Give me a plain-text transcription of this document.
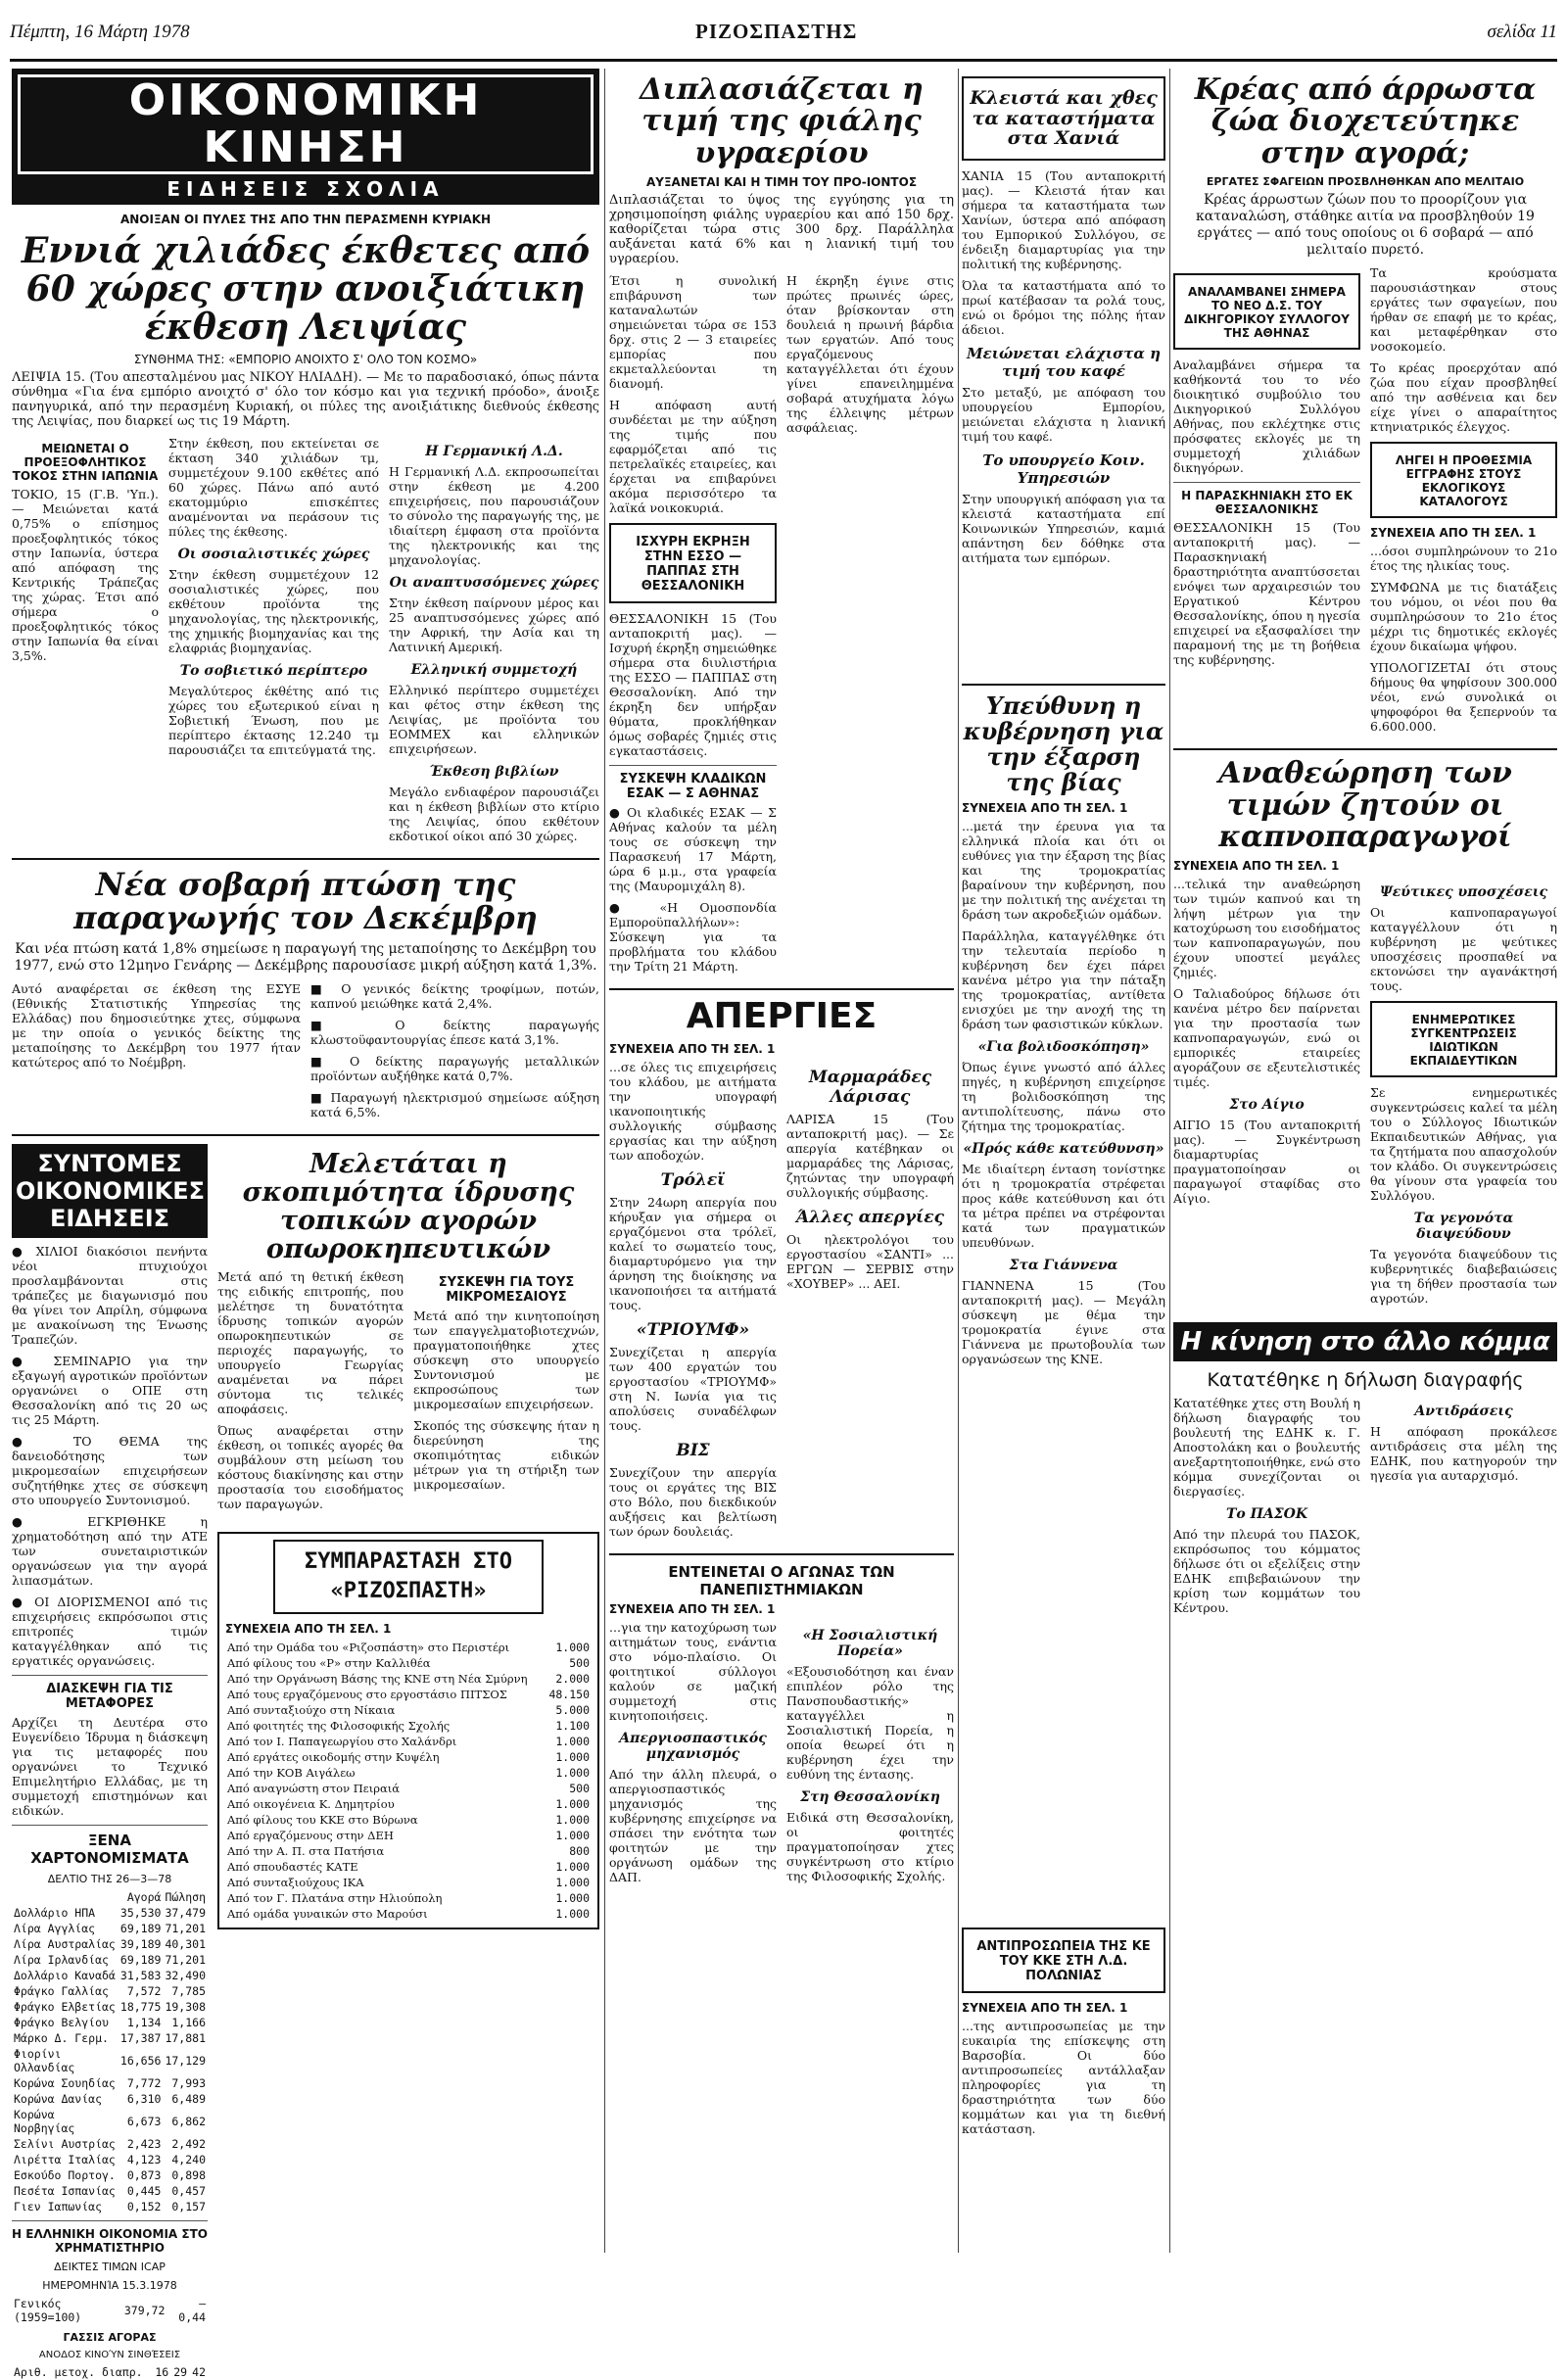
Πέμπτη, 16 Μάρτη 1978	ΡΙΖΟΣΠΑΣΤΗΣ	σελίδα 11
ΟΙΚΟΝΟΜΙΚΗ ΚΙΝΗΣΗ
ΕΙΔΗΣΕΙΣ ΣΧΟΛΙΑ
ΑΝΟΙΞΑΝ ΟΙ ΠΥΛΕΣ ΤΗΣ ΑΠΟ ΤΗΝ ΠΕΡΑΣΜΕΝΗ ΚΥΡΙΑΚΗ
Εννιά χιλιάδες έκθετες από 60 χώρες στην ανοιξιάτικη έκθεση Λειψίας
ΣΥΝΘΗΜΑ ΤΗΣ: «ΕΜΠΟΡΙΟ ΑΝΟΙΧΤΟ Σ' ΟΛΟ ΤΟΝ ΚΟΣΜΟ»

ΛΕΙΨΙΑ 15. (Του απεσταλμένου μας ΝΙΚΟΥ ΗΛΙΑΔΗ). — Με το παραδοσιακό, όπως πάντα σύνθημα «Για ένα εμπόριο ανοιχτό σ' όλο τον κόσμο και για τεχνική πρόοδο», άνοιξε πανηγυρικά, από την περασμένη Κυριακή, οι πύλες της ανοιξιάτικης διεθνούς έκθεσης της Λειψίας, που διαρκεί ως τις 19 Μάρτη.

ΜΕΙΩΝΕΤΑΙ Ο ΠΡΟΕΞΟΦΛΗΤΙΚΟΣ ΤΟΚΟΣ ΣΤΗΝ ΙΑΠΩΝΙΑ

ΤΟΚΙΟ, 15 (Γ.Β. 'Υπ.). — Μειώνεται κατά 0,75% ο επίσημος προεξοφλητικός τόκος στην Ιαπωνία, ύστερα από απόφαση της Κεντρικής Τράπεζας της χώρας. Έτσι από σήμερα ο προεξοφλητικός τόκος στην Ιαπωνία θα είναι 3,5%.

Στην έκθεση, που εκτείνεται σε έκταση 340 χιλιάδων τμ, συμμετέχουν 9.100 εκθέτες από 60 χώρες. Πάνω από αυτό εκατομμύριο επισκέπτες αναμένονται να περάσουν τις πύλες της έκθεσης.

Οι σοσιαλιστικές χώρες

Στην έκθεση συμμετέχουν 12 σοσιαλιστικές χώρες, που εκθέτουν προϊόντα της μηχανολογίας, της ηλεκτρονικής, της χημικής βιομηχανίας και της ελαφριάς βιομηχανίας.

Το σοβιετικό περίπτερο

Μεγαλύτερος έκθέτης από τις χώρες του εξωτερικού είναι η Σοβιετική Ένωση, που με περίπτερο έκτασης 12.240 τμ παρουσιάζει τα επιτεύγματά της.

Η Γερμανική Λ.Δ.

Η Γερμανική Λ.Δ. εκπροσωπείται στην έκθεση με 4.200 επιχειρήσεις, που παρουσιάζουν το σύνολο της παραγωγής της, με ιδιαίτερη έμφαση στα προϊόντα της ηλεκτρονικής και της μηχανολογίας.

Οι αναπτυσσόμενες χώρες

Στην έκθεση παίρνουν μέρος και 25 αναπτυσσόμενες χώρες από την Αφρική, την Ασία και τη Λατινική Αμερική.

Ελληνική συμμετοχή

Ελληνικό περίπτερο συμμετέχει και φέτος στην έκθεση της Λειψίας, με προϊόντα του ΕΟΜΜΕΧ και ελληνικών επιχειρήσεων.

Έκθεση βιβλίων

Μεγάλο ενδιαφέρον παρουσιάζει και η έκθεση βιβλίων στο κτίριο της Λειψίας, όπου εκθέτουν εκδοτικοί οίκοι από 30 χώρες.

Νέα σοβαρή πτώση της παραγωγής τον Δεκέμβρη

Και νέα πτώση κατά 1,8% σημείωσε η παραγωγή της μεταποίησης το Δεκέμβρη του 1977, ενώ στο 12μηνο Γενάρης — Δεκέμβρης παρουσίασε μικρή αύξηση κατά 1,3%.

Αυτό αναφέρεται σε έκθεση της ΕΣΥΕ (Εθνικής Στατιστικής Υπηρεσίας της Ελλάδας) που δημοσιεύτηκε χτες, σύμφωνα με την οποία ο γενικός δείκτης της μεταποίησης το Δεκέμβρη του 1977 ήταν κατώτερος από το Νοέμβρη.

■ Ο γενικός δείκτης τροφίμων, ποτών, καπνού μειώθηκε κατά 2,4%.

■ Ο δείκτης παραγωγής κλωστοϋφαντουργίας έπεσε κατά 3,1%.

■ Ο δείκτης παραγωγής μεταλλικών προϊόντων αυξήθηκε κατά 0,7%.

■ Παραγωγή ηλεκτρισμού σημείωσε αύξηση κατά 6,5%.

ΣΥΝΤΟΜΕΣ ΟΙΚΟΝΟΜΙΚΕΣ ΕΙΔΗΣΕΙΣ

● ΧΙΛΙΟΙ διακόσιοι πενήντα νέοι πτυχιούχοι προσλαμβάνονται στις τράπεζες με διαγωνισμό που θα γίνει τον Απρίλη, σύμφωνα με ανακοίνωση της Ένωσης Τραπεζών.

● ΣΕΜΙΝΑΡΙΟ για την εξαγωγή αγροτικών προϊόντων οργανώνει ο ΟΠΕ στη Θεσσαλονίκη από τις 20 ως τις 25 Μάρτη.

● ΤΟ ΘΕΜΑ της δανειοδότησης των μικρομεσαίων επιχειρήσεων συζητήθηκε χτες σε σύσκεψη στο υπουργείο Συντονισμού.

● ΕΓΚΡΙΘΗΚΕ η χρηματοδότηση από την ΑΤΕ των συνεταιριστικών οργανώσεων για την αγορά λιπασμάτων.

● ΟΙ ΔΙΟΡΙΣΜΕΝΟΙ από τις επιχειρήσεις εκπρόσωποι στις επιτροπές τιμών καταγγέλθηκαν από τις εργατικές οργανώσεις.

ΔΙΑΣΚΕΨΗ ΓΙΑ ΤΙΣ ΜΕΤΑΦΟΡΕΣ

Αρχίζει τη Δευτέρα στο Ευγενίδειο Ίδρυμα η διάσκεψη για τις μεταφορές που οργανώνει το Τεχνικό Επιμελητήριο Ελλάδας, με τη συμμετοχή επιστημόνων και ειδικών.

ΞΕΝΑ ΧΑΡΤΟΝΟΜΙΣΜΑΤΑ
ΔΕΛΤΙΟ ΤΗΣ 26—3—78
	Αγορά	Πώληση
Δολλάριο ΗΠΑ	35,530	37,479
Λίρα Αγγλίας	69,189	71,201
Λίρα Αυστραλίας	39,189	40,301
Λίρα Ιρλανδίας	69,189	71,201
Δολλάριο Καναδά	31,583	32,490
Φράγκο Γαλλίας	7,572	7,785
Φράγκο Ελβετίας	18,775	19,308
Φράγκο Βελγίου	1,134	1,166
Μάρκο Δ. Γερμ.	17,387	17,881
Φιορίνι Ολλανδίας	16,656	17,129
Κορώνα Σουηδίας	7,772	7,993
Κορώνα Δανίας	6,310	6,489
Κορώνα Νορβηγίας	6,673	6,862
Σελίνι Αυστρίας	2,423	2,492
Λιρέττα Ιταλίας	4,123	4,240
Εσκούδο Πορτογ.	0,873	0,898
Πεσέτα Ισπανίας	0,445	0,457
Γιεν Ιαπωνίας	0,152	0,157
Η ΕΛΛΗΝΙΚΗ ΟΙΚΟΝΟΜΙΑ ΣΤΟ ΧΡΗΜΑΤΙΣΤΗΡΙΟ
ΔΕΙΚΤΕΣ ΤΙΜΩΝ ICAP
ΗΜΕΡΟΜΗΝΊΑ 15.3.1978
Γενικός (1959=100)	379,72	— 0,44
ΓΑΣΣΙΣ ΑΓΟΡΑΣ
ΑΝΟΔΟΣ ΚΙΝΟΎΝ ΣΙΝΘΈΣΕΙΣ
Αριθ. μετοχ. διαπρ.	16	29	42
Μελετάται η σκοπιμότητα ίδρυσης τοπικών αγορών οπωροκηπευτικών

Μετά από τη θετική έκθεση της ειδικής επιτροπής, που μελέτησε τη δυνατότητα ίδρυσης τοπικών αγορών οπωροκηπευτικών σε περιοχές παραγωγής, το υπουργείο Γεωργίας αναμένεται να πάρει σύντομα τις τελικές αποφάσεις.

Όπως αναφέρεται στην έκθεση, οι τοπικές αγορές θα συμβάλουν στη μείωση του κόστους διακίνησης και στην προστασία του εισοδήματος των παραγωγών.

ΣΥΣΚΕΨΗ ΓΙΑ ΤΟΥΣ ΜΙΚΡΟΜΕΣΑΙΟΥΣ

Μετά από την κινητοποίηση των επαγγελματοβιοτεχνών, πραγματοποιήθηκε χτες σύσκεψη στο υπουργείο Συντονισμού με εκπροσώπους των μικρομεσαίων επιχειρήσεων.

Σκοπός της σύσκεψης ήταν η διερεύνηση της σκοπιμότητας ειδικών μέτρων για τη στήριξη των μικρομεσαίων.

ΣΥΜΠΑΡΑΣΤΑΣΗ ΣΤΟ «ΡΙΖΟΣΠΑΣΤΗ»
ΣΥΝΕΧΕΙΑ ΑΠΟ ΤΗ ΣΕΛ. 1
Από την Ομάδα του «Ριζοσπάστη» στο Περιστέρι	1.000
Από φίλους του «Ρ» στην Καλλιθέα	500
Από την Οργάνωση Βάσης της ΚΝΕ στη Νέα Σμύρνη	2.000
Από τους εργαζόμενους στο εργοστάσιο ΠΙΤΣΟΣ	48.150
Από συνταξιούχο στη Νίκαια	5.000
Από φοιτητές της Φιλοσοφικής Σχολής	1.100
Από τον Ι. Παπαγεωργίου στο Χαλάνδρι	1.000
Από εργάτες οικοδομής στην Κυψέλη	1.000
Από την ΚΟΒ Αιγάλεω	1.000
Από αναγνώστη στον Πειραιά	500
Από οικογένεια Κ. Δημητρίου	1.000
Από φίλους του ΚΚΕ στο Βύρωνα	1.000
Από εργαζόμενους στην ΔΕΗ	1.000
Από την Α. Π. στα Πατήσια	800
Από σπουδαστές ΚΑΤΕ	1.000
Από συνταξιούχους ΙΚΑ	1.000
Από τον Γ. Πλατάνα στην Ηλιούπολη	1.000
Από ομάδα γυναικών στο Μαρούσι	1.000
Διπλασιάζεται η τιμή της φιάλης υγραερίου
ΑΥΞΑΝΕΤΑΙ ΚΑΙ Η ΤΙΜΗ ΤΟΥ ΠΡΟ-ΙΟΝΤΟΣ

Διπλασιάζεται το ύψος της εγγύησης για τη χρησιμοποίηση φιάλης υγραερίου και από 150 δρχ. καθορίζεται τώρα στις 300 δρχ. Παράλληλα αυξάνεται κατά 6% και η λιανική τιμή του υγραερίου.

Έτσι η συνολική επιβάρυνση των καταναλωτών σημειώνεται τώρα σε 153 δρχ. στις 2 — 3 εταιρείες εμπορίας που εκμεταλλεύονται τη διανομή.

Η απόφαση αυτή συνδέεται με την αύξηση της τιμής που εφαρμόζεται από τις πετρελαϊκές εταιρείες, και έρχεται να επιβαρύνει ακόμα περισσότερο τα λαϊκά νοικοκυριά.

ΙΣΧΥΡΗ ΕΚΡΗΞΗ ΣΤΗΝ ΕΣΣΟ — ΠΑΠΠΑΣ ΣΤΗ ΘΕΣΣΑΛΟΝΙΚΗ

ΘΕΣΣΑΛΟΝΙΚΗ 15 (Του ανταποκριτή μας). — Ισχυρή έκρηξη σημειώθηκε σήμερα στα διυλιστήρια της ΕΣΣΟ — ΠΑΠΠΑΣ στη Θεσσαλονίκη. Από την έκρηξη δεν υπήρξαν θύματα, προκλήθηκαν όμως σοβαρές ζημιές στις εγκαταστάσεις.

ΣΥΣΚΕΨΗ ΚΛΑΔΙΚΩΝ ΕΣΑΚ — Σ ΑΘΗΝΑΣ

● Οι κλαδικές ΕΣΑΚ — Σ Αθήνας καλούν τα μέλη τους σε σύσκεψη την Παρασκευή 17 Μάρτη, ώρα 6 μ.μ., στα γραφεία της (Μαυρομιχάλη 8).

● «Η Ομοσπονδία Εμποροϋπαλλήλων»: Σύσκεψη για τα προβλήματα του κλάδου την Τρίτη 21 Μάρτη.

Η έκρηξη έγινε στις πρώτες πρωινές ώρες, όταν βρίσκονταν στη δουλειά η πρωινή βάρδια των εργατών. Από τους εργαζόμενους καταγγέλλεται ότι έχουν γίνει επανειλημμένα σοβαρά ατυχήματα λόγω της έλλειψης μέτρων ασφάλειας.

ΑΠΕΡΓΙΕΣ
ΣΥΝΕΧΕΙΑ ΑΠΟ ΤΗ ΣΕΛ. 1

...σε όλες τις επιχειρήσεις του κλάδου, με αιτήματα την υπογραφή ικανοποιητικής συλλογικής σύμβασης εργασίας και την αύξηση των αποδοχών.

Τρόλεϊ

Στην 24ωρη απεργία που κήρυξαν για σήμερα οι εργαζόμενοι στα τρόλεϊ, καλεί το σωματείο τους, διαμαρτυρόμενο για την άρνηση της διοίκησης να ικανοποιήσει τα αιτήματά τους.

«ΤΡΙΟΥΜΦ»

Συνεχίζεται η απεργία των 400 εργατών του εργοστασίου «ΤΡΙΟΥΜΦ» στη Ν. Ιωνία για τις απολύσεις συναδέλφων τους.

ΒΙΣ

Συνεχίζουν την απεργία τους οι εργάτες της ΒΙΣ στο Βόλο, που διεκδικούν αυξήσεις και βελτίωση των όρων δουλειάς.

Μαρμαράδες Λάρισας

ΛΑΡΙΣΑ 15 (Του ανταποκριτή μας). — Σε απεργία κατέβηκαν οι μαρμαράδες της Λάρισας, ζητώντας την υπογραφή συλλογικής σύμβασης.

Άλλες απεργίες

Οι ηλεκτρολόγοι του εργοστασίου «ΣΑΝΤΙ» ... ΕΡΓΩΝ — ΣΕΡΒΙΣ στην «ΧΟΥΒΕΡ» ... ΑΕΙ.

ΕΝΤΕΙΝΕΤΑΙ Ο ΑΓΩΝΑΣ ΤΩΝ ΠΑΝΕΠΙΣΤΗΜΙΑΚΩΝ
ΣΥΝΕΧΕΙΑ ΑΠΟ ΤΗ ΣΕΛ. 1

...για την κατοχύρωση των αιτημάτων τους, ενάντια στο νόμο-πλαίσιο. Οι φοιτητικοί σύλλογοι καλούν σε μαζική συμμετοχή στις κινητοποιήσεις.

Απεργιοσπαστικός μηχανισμός

Από την άλλη πλευρά, ο απεργιοσπαστικός μηχανισμός της κυβέρνησης επιχείρησε να σπάσει την ενότητα των φοιτητών με την οργάνωση ομάδων της ΔΑΠ.

«Η Σοσιαλιστική Πορεία»

«Εξουσιοδότηση και έναν επιπλέον ρόλο της Πανσπουδαστικής» καταγγέλλει η Σοσιαλιστική Πορεία, η οποία θεωρεί ότι η κυβέρνηση έχει την ευθύνη της έντασης.

Στη Θεσσαλονίκη

Ειδικά στη Θεσσαλονίκη, οι φοιτητές πραγματοποίησαν χτες συγκέντρωση στο κτίριο της Φιλοσοφικής Σχολής.

Κλειστά και χθες τα καταστήματα στα Χανιά

ΧΑΝΙΑ 15 (Του ανταποκριτή μας). — Κλειστά ήταν και σήμερα τα καταστήματα των Χανίων, ύστερα από απόφαση του Εμπορικού Συλλόγου, σε ένδειξη διαμαρτυρίας για την πολιτική της κυβέρνησης.

Όλα τα καταστήματα από το πρωί κατέβασαν τα ρολά τους, ενώ οι δρόμοι της πόλης ήταν άδειοι.

Μειώνεται ελάχιστα η τιμή του καφέ

Στο μεταξύ, με απόφαση του υπουργείου Εμπορίου, μειώνεται ελάχιστα η λιανική τιμή του καφέ.

Το υπουργείο Κοιν. Υπηρεσιών

Στην υπουργική απόφαση για τα κλειστά καταστήματα επί Κοινωνικών Υπηρεσιών, καμιά απάντηση δεν δόθηκε στα αιτήματα των εμπόρων.

Υπεύθυνη η κυβέρνηση για την έξαρση της βίας
ΣΥΝΕΧΕΙΑ ΑΠΟ ΤΗ ΣΕΛ. 1

...μετά την έρευνα για τα ελληνικά πλοία και ότι οι ευθύνες για την έξαρση της βίας και της τρομοκρατίας βαραίνουν την κυβέρνηση, που με την πολιτική της ανέχεται τη δράση των ακροδεξιών ομάδων.

Παράλληλα, καταγγέλθηκε ότι την τελευταία περίοδο η κυβέρνηση δεν έχει πάρει κανένα μέτρο για την πάταξη της τρομοκρατίας, αντίθετα ενισχύει με την ανοχή της τη δράση των φασιστικών κύκλων.

«Για βολιδοσκόπηση»

Όπως έγινε γνωστό από άλλες πηγές, η κυβέρνηση επιχείρησε τη βολιδοσκόπηση της αντιπολίτευσης, πάνω στο ζήτημα της τρομοκρατίας.

«Πρός κάθε κατεύθυνση»

Με ιδιαίτερη ένταση τονίστηκε ότι η τρομοκρατία στρέφεται προς κάθε κατεύθυνση και ότι τα μέτρα πρέπει να στρέφονται κατά των πραγματικών υπευθύνων.

Στα Γιάννενα

ΓΙΑΝΝΕΝΑ 15 (Του ανταποκριτή μας). — Μεγάλη σύσκεψη με θέμα την τρομοκρατία έγινε στα Γιάννενα με πρωτοβουλία των οργανώσεων της ΚΝΕ.

ΑΝΤΙΠΡΟΣΩΠΕΙΑ ΤΗΣ ΚΕ ΤΟΥ ΚΚΕ ΣΤΗ Λ.Δ. ΠΟΛΩΝΙΑΣ
ΣΥΝΕΧΕΙΑ ΑΠΟ ΤΗ ΣΕΛ. 1

...της αντιπροσωπείας με την ευκαιρία της επίσκεψης στη Βαρσοβία. Οι δύο αντιπροσωπείες αντάλλαξαν πληροφορίες για τη δραστηριότητα των δύο κομμάτων και για τη διεθνή κατάσταση.

Κρέας από άρρωστα ζώα διοχετεύτηκε στην αγορά;
ΕΡΓΑΤΕΣ ΣΦΑΓΕΙΩΝ ΠΡΟΣΒΛΗΘΗΚΑΝ ΑΠΟ ΜΕΛΙΤΑΙΟ

Κρέας άρρωστων ζώων που το προορίζουν για καταναλώση, στάθηκε αιτία να προσβληθούν 19 εργάτες — από τους οποίους οι 6 σοβαρά — από μελιταίο πυρετό.

ΑΝΑΛΑΜΒΑΝΕΙ ΣΗΜΕΡΑ ΤΟ ΝΕΟ Δ.Σ. ΤΟΥ ΔΙΚΗΓΟΡΙΚΟΥ ΣΥΛΛΟΓΟΥ ΤΗΣ ΑΘΗΝΑΣ

Αναλαμβάνει σήμερα τα καθήκοντά του το νέο διοικητικό συμβούλιο του Δικηγορικού Συλλόγου Αθήνας, που εκλέχτηκε στις πρόσφατες εκλογές με τη συμμετοχή χιλιάδων δικηγόρων.

Η ΠΑΡΑΣΚΗΝΙΑΚΗ ΣΤΟ ΕΚ ΘΕΣΣΑΛΟΝΙΚΗΣ

ΘΕΣΣΑΛΟΝΙΚΗ 15 (Του ανταποκριτή μας). — Παρασκηνιακή δραστηριότητα αναπτύσσεται ενόψει των αρχαιρεσιών του Εργατικού Κέντρου Θεσσαλονίκης, όπου η ηγεσία επιχειρεί να εξασφαλίσει την παραμονή της με τη βοήθεια της κυβέρνησης.

Τα κρούσματα παρουσιάστηκαν στους εργάτες των σφαγείων, που ήρθαν σε επαφή με το κρέας, και μεταφέρθηκαν στο νοσοκομείο.

Το κρέας προερχόταν από ζώα που είχαν προσβληθεί από την ασθένεια και δεν είχε γίνει ο απαραίτητος κτηνιατρικός έλεγχος.

ΛΗΓΕΙ Η ΠΡΟΘΕΣΜΙΑ ΕΓΓΡΑΦΗΣ ΣΤΟΥΣ ΕΚΛΟΓΙΚΟΥΣ ΚΑΤΑΛΟΓΟΥΣ
ΣΥΝΕΧΕΙΑ ΑΠΟ ΤΗ ΣΕΛ. 1

...όσοι συμπληρώνουν το 21ο έτος της ηλικίας τους.

ΣΥΜΦΩΝΑ με τις διατάξεις του νόμου, οι νέοι που θα συμπληρώσουν το 21ο έτος μέχρι τις δημοτικές εκλογές έχουν δικαίωμα ψήφου.

ΥΠΟΛΟΓΙΖΕΤΑΙ ότι στους δήμους θα ψηφίσουν 300.000 νέοι, ενώ συνολικά οι ψηφοφόροι θα ξεπερνούν τα 6.600.000.

Αναθεώρηση των τιμών ζητούν οι καπνοπαραγωγοί
ΣΥΝΕΧΕΙΑ ΑΠΟ ΤΗ ΣΕΛ. 1

...τελικά την αναθεώρηση των τιμών καπνού και τη λήψη μέτρων για την κατοχύρωση του εισοδήματος των καπνοπαραγωγών, που έχουν υποστεί μεγάλες ζημιές.

Ο Ταλιαδούρος δήλωσε ότι κανένα μέτρο δεν παίρνεται για την προστασία των καπνοπαραγωγών, ενώ οι εμπορικές εταιρείες αγοράζουν σε εξευτελιστικές τιμές.

Στο Αίγιο

ΑΙΓΙΟ 15 (Του ανταποκριτή μας). — Συγκέντρωση διαμαρτυρίας πραγματοποίησαν οι παραγωγοί σταφίδας στο Αίγιο.

Ψεύτικες υποσχέσεις

Οι καπνοπαραγωγοί καταγγέλλουν ότι η κυβέρνηση με ψεύτικες υποσχέσεις προσπαθεί να εκτονώσει την αγανάκτησή τους.

ΕΝΗΜΕΡΩΤΙΚΕΣ ΣΥΓΚΕΝΤΡΩΣΕΙΣ ΙΔΙΩΤΙΚΩΝ ΕΚΠΑΙΔΕΥΤΙΚΩΝ

Σε ενημερωτικές συγκεντρώσεις καλεί τα μέλη του ο Σύλλογος Ιδιωτικών Εκπαιδευτικών Αθήνας, για τα ζητήματα που απασχολούν τον κλάδο. Οι συγκεντρώσεις θα γίνουν στα γραφεία του Συλλόγου.

Τα γεγονότα διαψεύδουν

Τα γεγονότα διαψεύδουν τις κυβερνητικές διαβεβαιώσεις για τη δήθεν προστασία των αγροτών.

Η κίνηση στο άλλο κόμμα
Κατατέθηκε η δήλωση διαγραφής

Κατατέθηκε χτες στη Βουλή η δήλωση διαγραφής του βουλευτή της ΕΔΗΚ κ. Γ. Αποστολάκη και ο βουλευτής ανεξαρτητοποιήθηκε, ενώ στο κόμμα συνεχίζονται οι διεργασίες.

Το ΠΑΣΟΚ

Από την πλευρά του ΠΑΣΟΚ, εκπρόσωπος του κόμματος δήλωσε ότι οι εξελίξεις στην ΕΔΗΚ επιβεβαιώνουν την κρίση των κομμάτων του Κέντρου.

Αντιδράσεις

Η απόφαση προκάλεσε αντιδράσεις στα μέλη της ΕΔΗΚ, που κατηγορούν την ηγεσία για αυταρχισμό.
